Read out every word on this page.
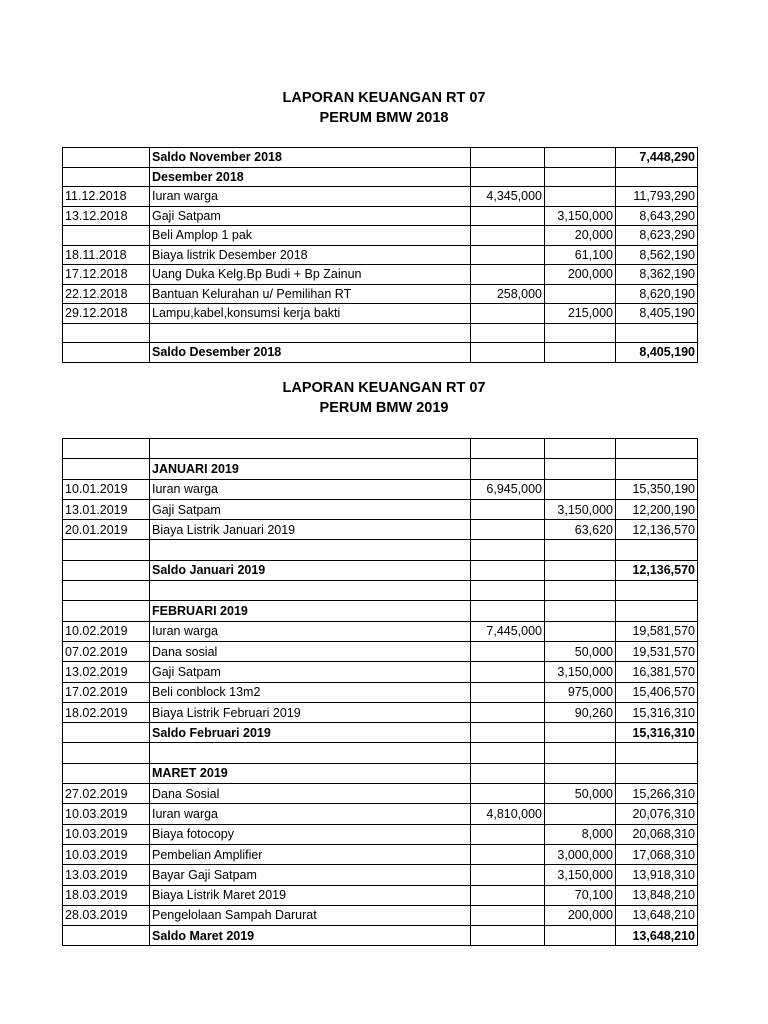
LAPORAN KEUANGAN RT 07
PERUM BMW 2018
	Saldo November 2018			7,448,290
	Desember 2018			
11.12.2018	Iuran warga	4,345,000		11,793,290
13.12.2018	Gaji Satpam		3,150,000	8,643,290
	Beli Amplop 1 pak		20,000	8,623,290
18.11.2018	Biaya listrik Desember 2018		61,100	8,562,190
17.12.2018	Uang Duka Kelg.Bp Budi + Bp Zainun		200,000	8,362,190
22.12.2018	Bantuan Kelurahan u/ Pemilihan RT	258,000		8,620,190
29.12.2018	Lampu,kabel,konsumsi kerja bakti		215,000	8,405,190

	Saldo Desember 2018			8,405,190
LAPORAN KEUANGAN RT 07
PERUM BMW 2019

	JANUARI 2019			
10.01.2019	Iuran warga	6,945,000		15,350,190
13.01.2019	Gaji Satpam		3,150,000	12,200,190
20.01.2019	Biaya Listrik Januari 2019		63,620	12,136,570

	Saldo Januari 2019			12,136,570

	FEBRUARI 2019			
10.02.2019	Iuran warga	7,445,000		19,581,570
07.02.2019	Dana sosial		50,000	19,531,570
13.02.2019	Gaji Satpam		3,150,000	16,381,570
17.02.2019	Beli conblock 13m2		975,000	15,406,570
18.02.2019	Biaya Listrik Februari 2019		90,260	15,316,310
	Saldo Februari 2019			15,316,310

	MARET 2019			
27.02.2019	Dana Sosial		50,000	15,266,310
10.03.2019	Iuran warga	4,810,000		20,076,310
10.03.2019	Biaya fotocopy		8,000	20,068,310
10.03.2019	Pembelian Amplifier		3,000,000	17,068,310
13.03.2019	Bayar Gaji Satpam		3,150,000	13,918,310
18.03.2019	Biaya Listrik Maret 2019		70,100	13,848,210
28.03.2019	Pengelolaan Sampah Darurat		200,000	13,648,210
	Saldo Maret 2019			13,648,210
